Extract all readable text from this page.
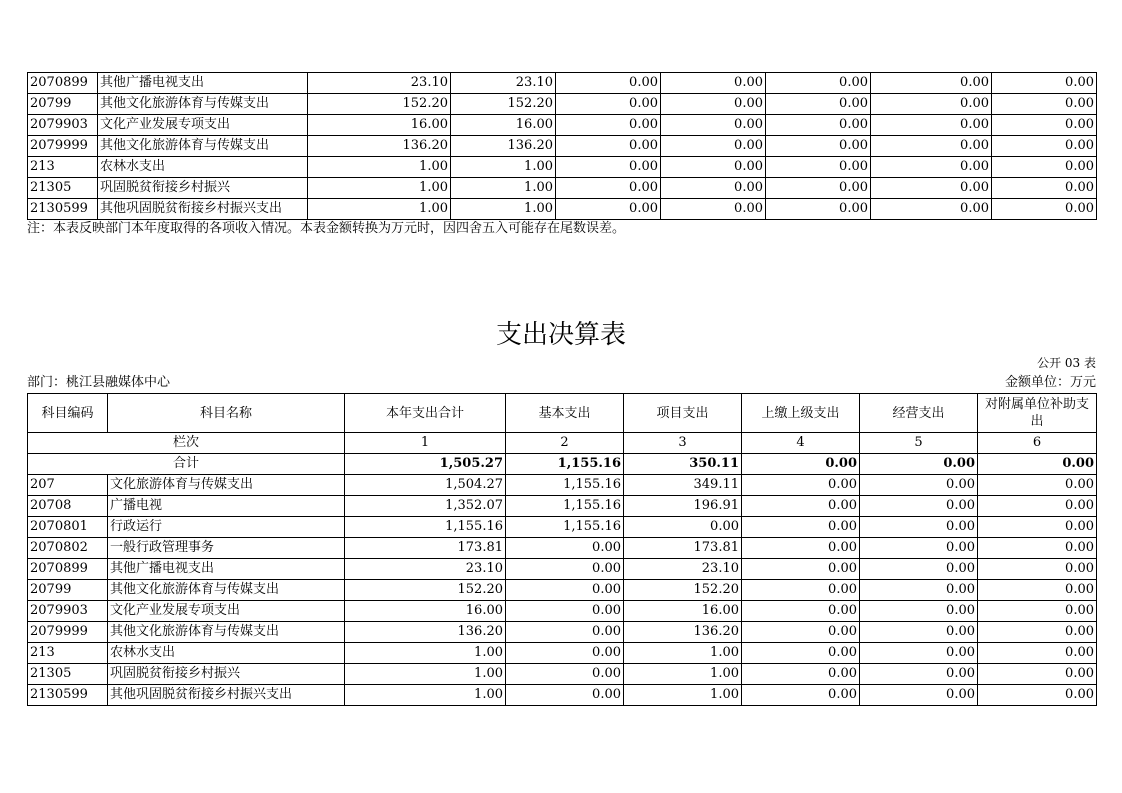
2070899	其他广播电视支出	23.10	23.10	0.00	0.00	0.00	0.00	0.00
20799	其他文化旅游体育与传媒支出	152.20	152.20	0.00	0.00	0.00	0.00	0.00
2079903	文化产业发展专项支出	16.00	16.00	0.00	0.00	0.00	0.00	0.00
2079999	其他文化旅游体育与传媒支出	136.20	136.20	0.00	0.00	0.00	0.00	0.00
213	农林水支出	1.00	1.00	0.00	0.00	0.00	0.00	0.00
21305	巩固脱贫衔接乡村振兴	1.00	1.00	0.00	0.00	0.00	0.00	0.00
2130599	其他巩固脱贫衔接乡村振兴支出	1.00	1.00	0.00	0.00	0.00	0.00	0.00
注：本表反映部门本年度取得的各项收入情况。本表金额转换为万元时，因四舍五入可能存在尾数误差。
支出决算表
公开 03 表
部门：桃江县融媒体中心	金额单位：万元
科目编码	科目名称	本年支出合计	基本支出	项目支出	上缴上级支出	经营支出	对附属单位补助支出
栏次		1	2	3	4	5	6
合计		1,505.27	1,155.16	350.11	0.00	0.00	0.00
207	文化旅游体育与传媒支出	1,504.27	1,155.16	349.11	0.00	0.00	0.00
20708	广播电视	1,352.07	1,155.16	196.91	0.00	0.00	0.00
2070801	行政运行	1,155.16	1,155.16	0.00	0.00	0.00	0.00
2070802	一般行政管理事务	173.81	0.00	173.81	0.00	0.00	0.00
2070899	其他广播电视支出	23.10	0.00	23.10	0.00	0.00	0.00
20799	其他文化旅游体育与传媒支出	152.20	0.00	152.20	0.00	0.00	0.00
2079903	文化产业发展专项支出	16.00	0.00	16.00	0.00	0.00	0.00
2079999	其他文化旅游体育与传媒支出	136.20	0.00	136.20	0.00	0.00	0.00
213	农林水支出	1.00	0.00	1.00	0.00	0.00	0.00
21305	巩固脱贫衔接乡村振兴	1.00	0.00	1.00	0.00	0.00	0.00
2130599	其他巩固脱贫衔接乡村振兴支出	1.00	0.00	1.00	0.00	0.00	0.00
